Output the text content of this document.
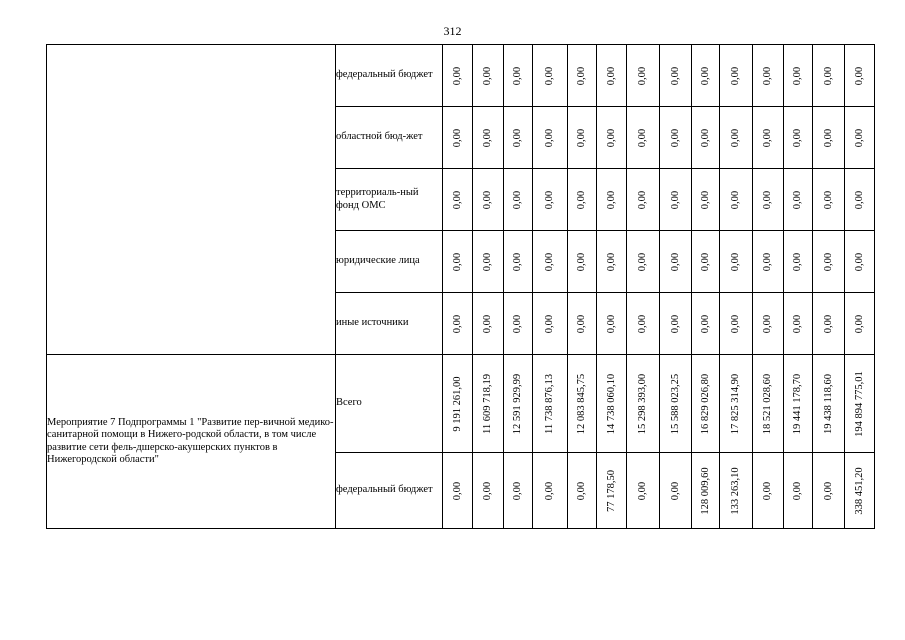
312
	федеральный бюджет	0,00	0,00	0,00	0,00	0,00	0,00	0,00	0,00	0,00	0,00	0,00	0,00	0,00	0,00

	областной бюд-жет	0,00	0,00	0,00	0,00	0,00	0,00	0,00	0,00	0,00	0,00	0,00	0,00	0,00	0,00

	территориаль-ный фонд ОМС	0,00	0,00	0,00	0,00	0,00	0,00	0,00	0,00	0,00	0,00	0,00	0,00	0,00	0,00

	юридические лица	0,00	0,00	0,00	0,00	0,00	0,00	0,00	0,00	0,00	0,00	0,00	0,00	0,00	0,00

	иные источники	0,00	0,00	0,00	0,00	0,00	0,00	0,00	0,00	0,00	0,00	0,00	0,00	0,00	0,00

Мероприятие 7 Подпрограммы 1 "Развитие пер-вичной медико-санитарной помощи в Нижего-родской области, в том числе развитие сети фель-дшерско-акушерских пунктов в Нижегородской области"	Всего	9 191 261,00	11 609 718,19	12 591 929,99	11 738 876,13	12 083 845,75	14 738 060,10	15 298 393,00	15 588 023,25	16 829 026,80	17 825 314,90	18 521 028,60	19 441 178,70	19 438 118,60	194 894 775,01

	федеральный бюджет	0,00	0,00	0,00	0,00	0,00	77 178,50	0,00	0,00	128 009,60	133 263,10	0,00	0,00	0,00	338 451,20
